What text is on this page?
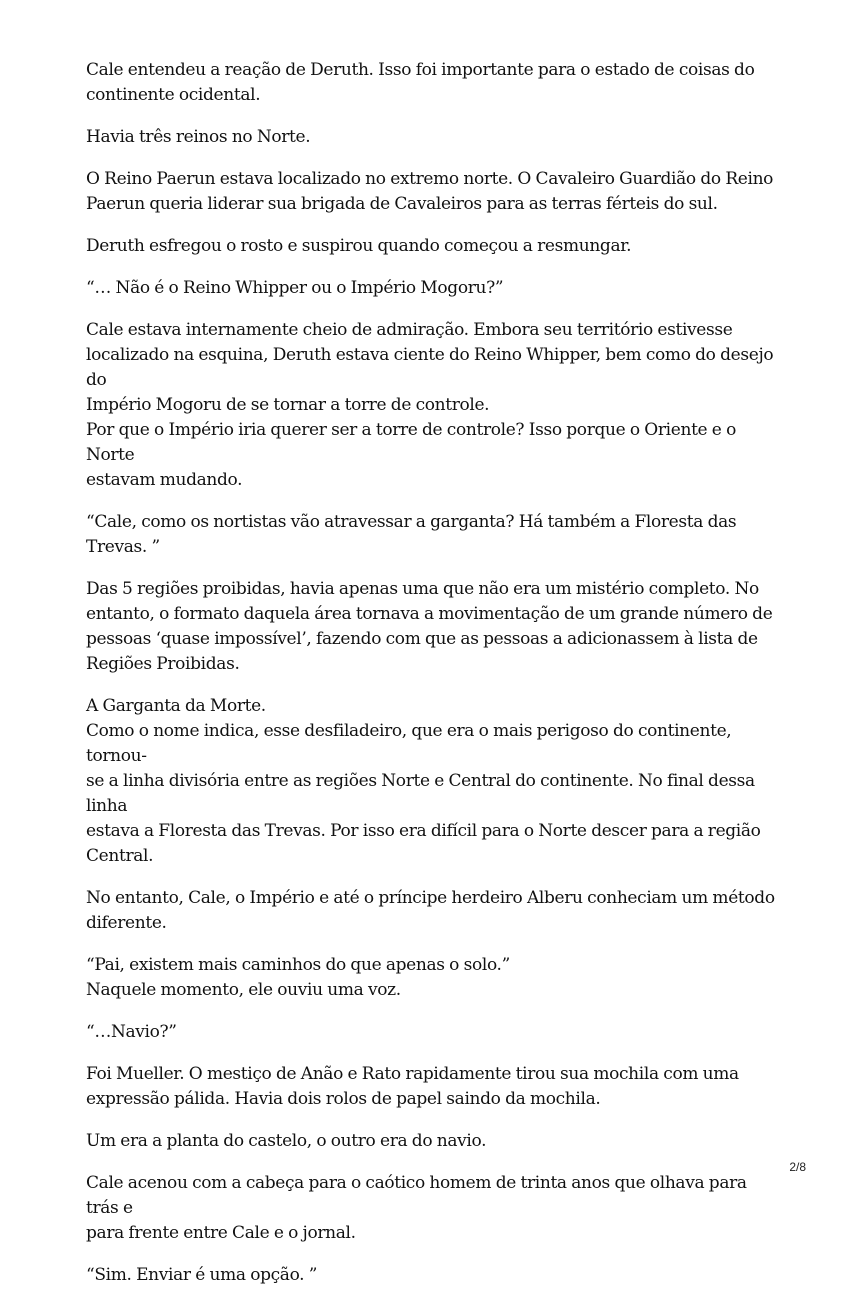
Cale entendeu a reação de Deruth. Isso foi importante para o estado de coisas do
continente ocidental.

Havia três reinos no Norte.

O Reino Paerun estava localizado no extremo norte. O Cavaleiro Guardião do Reino
Paerun queria liderar sua brigada de Cavaleiros para as terras férteis do sul.

Deruth esfregou o rosto e suspirou quando começou a resmungar.

“… Não é o Reino Whipper ou o Império Mogoru?”

Cale estava internamente cheio de admiração. Embora seu território estivesse
localizado na esquina, Deruth estava ciente do Reino Whipper, bem como do desejo do
Império Mogoru de se tornar a torre de controle.
Por que o Império iria querer ser a torre de controle? Isso porque o Oriente e o Norte
estavam mudando.

“Cale, como os nortistas vão atravessar a garganta? Há também a Floresta das Trevas. ”

Das 5 regiões proibidas, havia apenas uma que não era um mistério completo. No
entanto, o formato daquela área tornava a movimentação de um grande número de
pessoas ‘quase impossível’, fazendo com que as pessoas a adicionassem à lista de
Regiões Proibidas.

A Garganta da Morte.
Como o nome indica, esse desfiladeiro, que era o mais perigoso do continente, tornou-
se a linha divisória entre as regiões Norte e Central do continente. No final dessa linha
estava a Floresta das Trevas. Por isso era difícil para o Norte descer para a região
Central.

No entanto, Cale, o Império e até o príncipe herdeiro Alberu conheciam um método
diferente.

“Pai, existem mais caminhos do que apenas o solo.”
Naquele momento, ele ouviu uma voz.

“…Navio?”

Foi Mueller. O mestiço de Anão e Rato rapidamente tirou sua mochila com uma
expressão pálida. Havia dois rolos de papel saindo da mochila.

Um era a planta do castelo, o outro era do navio.

Cale acenou com a cabeça para o caótico homem de trinta anos que olhava para trás e
para frente entre Cale e o jornal.

“Sim. Enviar é uma opção. ”

2/8
